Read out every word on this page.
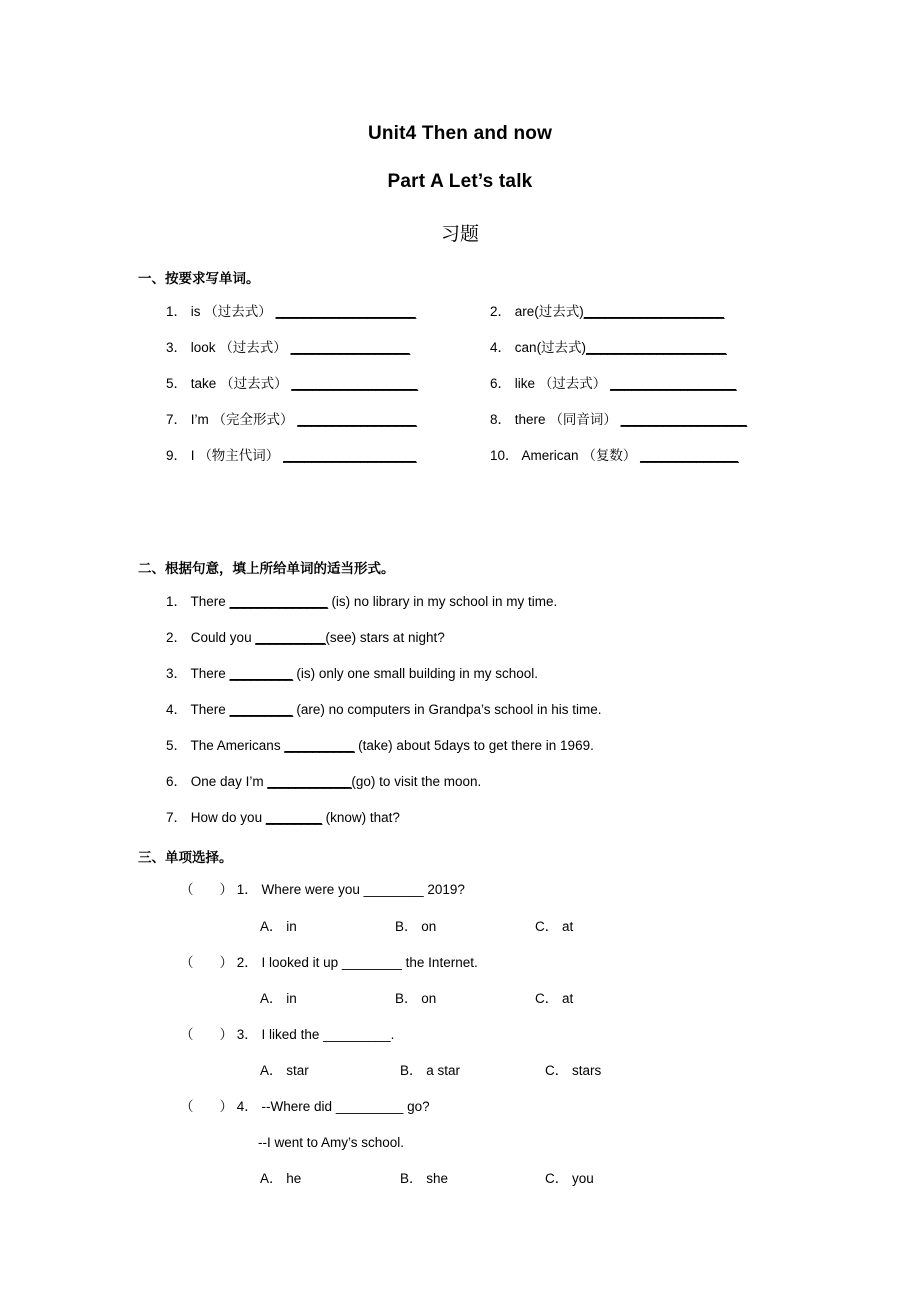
Unit4 Then and now
Part A Let’s talk
习题
一、按要求写单词。
1． is （过去式） ____________________	2． are(过去式)____________________
3． look （过去式） _________________	4． can(过去式)____________________
5． take （过去式） __________________	6． like （过去式） __________________
7． I’m （完全形式） _________________	8． there （同音词） __________________
9． I （物主代词） ___________________	10． American （复数） ______________
二、根据句意，填上所给单词的适当形式。
1． There ______________ (is) no library in my school in my time.
2． Could you __________(see) stars at night?
3． There _________ (is) only one small building in my school.
4． There _________ (are) no computers in Grandpa’s school in his time.
5． The Americans __________ (take) about 5days to get there in 1969.
6． One day I’m ____________(go) to visit the moon.
7． How do you ________ (know) that?
三、单项选择。
（ ） 1． Where were you ________ 2019?
A． in	B． on	C． at
（ ） 2． I looked it up ________ the Internet.
A． in	B． on	C． at
（ ） 3． I liked the _________.
A． star	B． a star	C． stars
（ ） 4． --Where did _________ go?
--I went to Amy’s school.
A． he	B． she	C． you
